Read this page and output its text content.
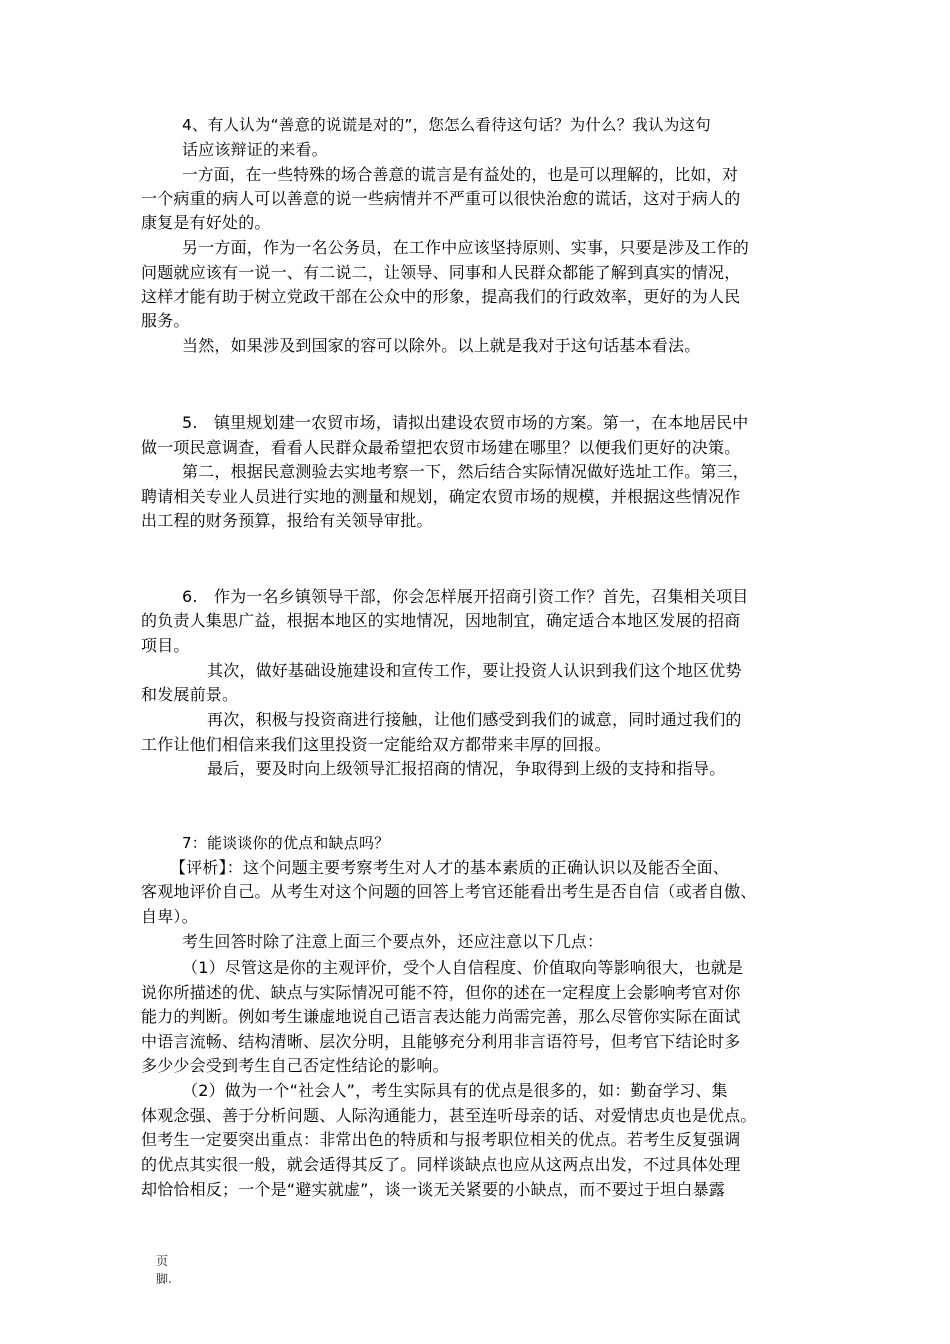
4、有人认为“善意的说谎是对的”，您怎么看待这句话？为什么？我认为这句
话应该辩证的来看。
一方面，在一些特殊的场合善意的谎言是有益处的，也是可以理解的，比如，对
一个病重的病人可以善意的说一些病情并不严重可以很快治愈的谎话，这对于病人的
康复是有好处的。
另一方面，作为一名公务员，在工作中应该坚持原则、实事，只要是涉及工作的
问题就应该有一说一、有二说二，让领导、同事和人民群众都能了解到真实的情况，
这样才能有助于树立党政干部在公众中的形象，提高我们的行政效率，更好的为人民
服务。
当然，如果涉及到国家的容可以除外。以上就是我对于这句话基本看法。
5.　镇里规划建一农贸市场，请拟出建设农贸市场的方案。第一，在本地居民中
做一项民意调查，看看人民群众最希望把农贸市场建在哪里？以便我们更好的决策。
第二，根据民意测验去实地考察一下，然后结合实际情况做好选址工作。第三，
聘请相关专业人员进行实地的测量和规划，确定农贸市场的规模，并根据这些情况作
出工程的财务预算，报给有关领导审批。
6.　作为一名乡镇领导干部，你会怎样展开招商引资工作？首先，召集相关项目
的负责人集思广益，根据本地区的实地情况，因地制宜，确定适合本地区发展的招商
项目。
其次，做好基础设施建设和宣传工作，要让投资人认识到我们这个地区优势
和发展前景。
再次，积极与投资商进行接触，让他们感受到我们的诚意，同时通过我们的
工作让他们相信来我们这里投资一定能给双方都带来丰厚的回报。
最后，要及时向上级领导汇报招商的情况，争取得到上级的支持和指导。
7：能谈谈你的优点和缺点吗？
【评析】：这个问题主要考察考生对人才的基本素质的正确认识以及能否全面、
客观地评价自己。从考生对这个问题的回答上考官还能看出考生是否自信（或者自傲、
自卑）。
考生回答时除了注意上面三个要点外，还应注意以下几点：
（1）尽管这是你的主观评价，受个人自信程度、价值取向等影响很大，也就是
说你所描述的优、缺点与实际情况可能不符，但你的述在一定程度上会影响考官对你
能力的判断。例如考生谦虚地说自己语言表达能力尚需完善，那么尽管你实际在面试
中语言流畅、结构清晰、层次分明，且能够充分利用非言语符号，但考官下结论时多
多少少会受到考生自己否定性结论的影响。
（2）做为一个“社会人”，考生实际具有的优点是很多的，如：勤奋学习、集
体观念强、善于分析问题、人际沟通能力，甚至连听母亲的话、对爱情忠贞也是优点。
但考生一定要突出重点：非常出色的特质和与报考职位相关的优点。若考生反复强调
的优点其实很一般，就会适得其反了。同样谈缺点也应从这两点出发，不过具体处理
却恰恰相反；一个是“避实就虚”，谈一谈无关紧要的小缺点，而不要过于坦白暴露
页
脚.
